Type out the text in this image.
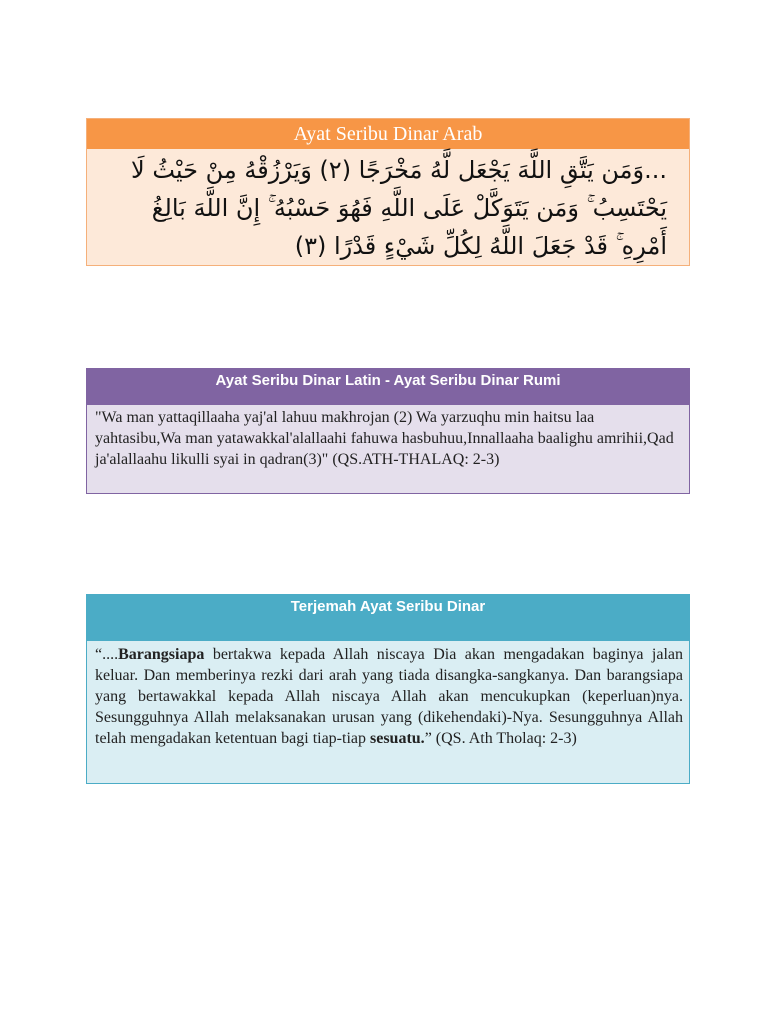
Ayat Seribu Dinar Arab
...وَمَن يَتَّقِ اللَّهَ يَجْعَل لَّهُ مَخْرَجًا (٢) وَيَرْزُقْهُ مِنْ حَيْثُ لَا يَحْتَسِبُ وَمَن يَتَوَكَّلْ عَلَى اللَّهِ فَهُوَ حَسْبُهُ إِنَّ اللَّهَ بَالِغُ أَمْرِهِ قَدْ جَعَلَ اللَّهُ لِكُلِّ شَيْءٍ قَدْرًا (٣)
Ayat Seribu Dinar Latin - Ayat Seribu Dinar Rumi
"Wa man yattaqillaaha yaj'al lahuu makhrojan (2) Wa yarzuqhu min haitsu laa yahtasibu,Wa man yatawakkal'alallaahi fahuwa hasbuhuu,Innallaaha baalighu amrihii,Qad ja'alallaahu likulli syai in qadran(3)" (QS.ATH-THALAQ: 2-3)
Terjemah Ayat Seribu Dinar
“....Barangsiapa bertakwa kepada Allah niscaya Dia akan mengadakan baginya jalan keluar. Dan memberinya rezki dari arah yang tiada disangka-sangkanya. Dan barangsiapa yang bertawakkal kepada Allah niscaya Allah akan mencukupkan (keperluan)nya. Sesungguhnya Allah melaksanakan urusan yang (dikehendaki)-Nya. Sesungguhnya Allah telah mengadakan ketentuan bagi tiap-tiap sesuatu.” (QS. Ath Tholaq: 2-3)
